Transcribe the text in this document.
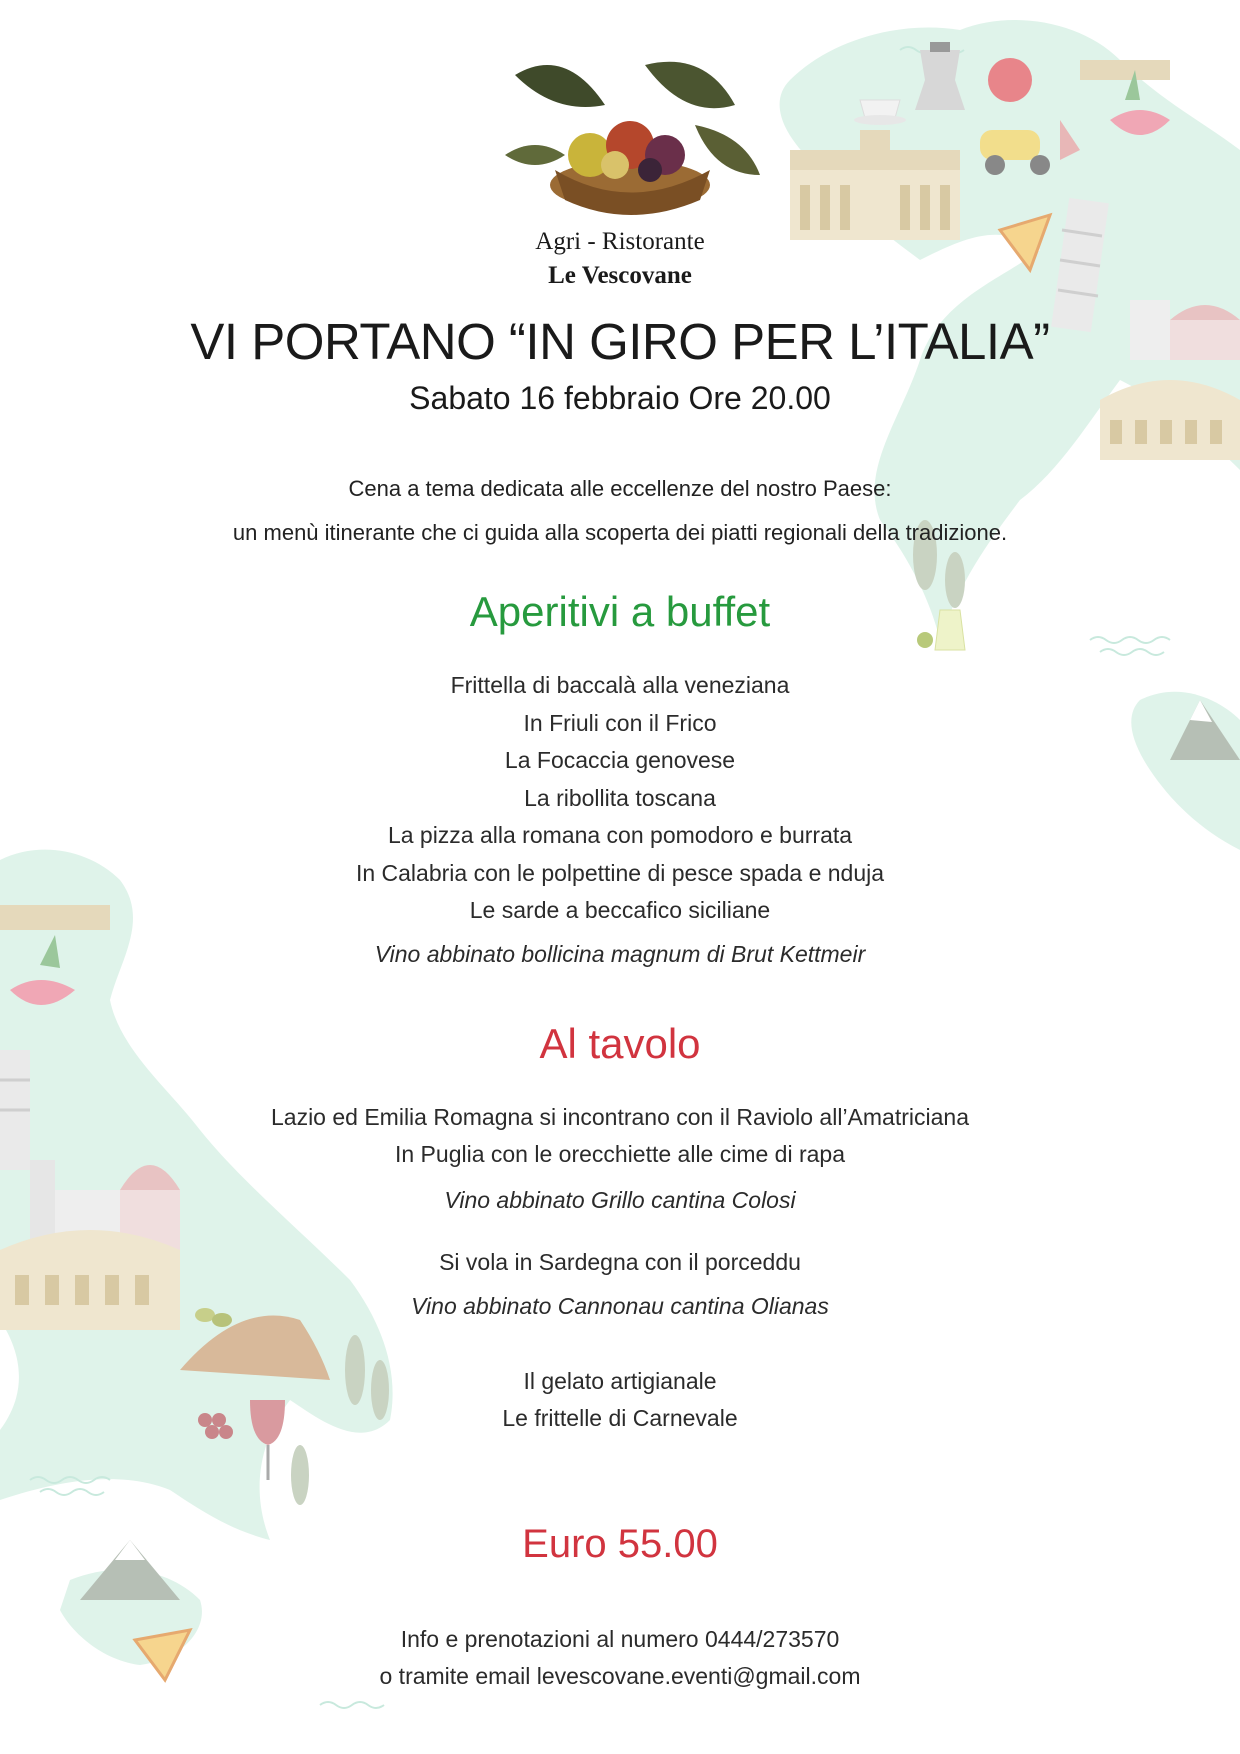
Agri - Ristorante
Le Vescovane
VI PORTANO “IN GIRO PER L’ITALIA”
Sabato 16 febbraio Ore 20.00
Cena a tema dedicata alle eccellenze del nostro Paese:
un menù itinerante che ci guida alla scoperta dei piatti regionali della tradizione.
Aperitivi a buffet
Frittella di baccalà alla veneziana
In Friuli con il Frico
La Focaccia genovese
La ribollita toscana
La pizza alla romana con pomodoro e burrata
In Calabria con le polpettine di pesce spada e nduja
Le sarde a beccafico siciliane
Vino abbinato bollicina magnum di Brut Kettmeir
Al tavolo
Lazio ed Emilia Romagna si incontrano con il Raviolo all’Amatriciana
In Puglia con le orecchiette alle cime di rapa
Vino abbinato Grillo cantina Colosi
Si vola in Sardegna con il porceddu
Vino abbinato Cannonau cantina Olianas
Il gelato artigianale
Le frittelle di Carnevale
Euro 55.00
Info e prenotazioni al numero 0444/273570
o tramite email levescovane.eventi@gmail.com
